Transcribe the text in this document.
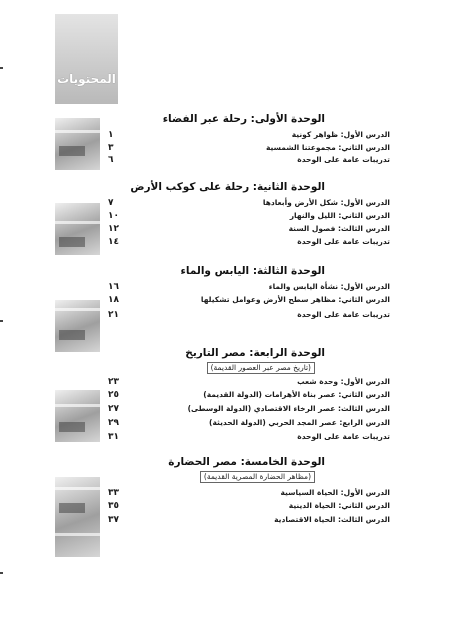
المحتويات
الوحدة الأولى: رحلة عبر الفضاء
١	الدرس الأول: ظواهر كونية
٣	الدرس الثاني: مجموعتنا الشمسية
٦	تدريبات عامة على الوحدة
الوحدة الثانية: رحلة على كوكب الأرض
٧	الدرس الأول: شكل الأرض وأبعادها
١٠	الدرس الثاني: الليل والنهار
١٢	الدرس الثالث: فصول السنة
١٤	تدريبات عامة على الوحدة
الوحدة الثالثة: اليابس والماء
١٦	الدرس الأول: نشأة اليابس والماء
١٨	الدرس الثاني: مظاهر سطح الأرض وعوامل تشكيلها
٢١	تدريبات عامة على الوحدة
الوحدة الرابعة: مصر التاريخ
(تاريخ مصر عبر العصور القديمة)
٢٣	الدرس الأول: وحدة شعب
٢٥	الدرس الثاني: عصر بناة الأهرامات (الدولة القديمة)
٢٧	الدرس الثالث: عصر الرخاء الاقتصادي (الدولة الوسطى)
٢٩	الدرس الرابع: عصر المجد الحربي (الدولة الحديثة)
٣١	تدريبات عامة على الوحدة
الوحدة الخامسة: مصر الحضارة
(مظاهر الحضارة المصرية القديمة)
٣٣	الدرس الأول: الحياة السياسية
٣٥	الدرس الثاني: الحياة الدينية
٣٧	الدرس الثالث: الحياة الاقتصادية
